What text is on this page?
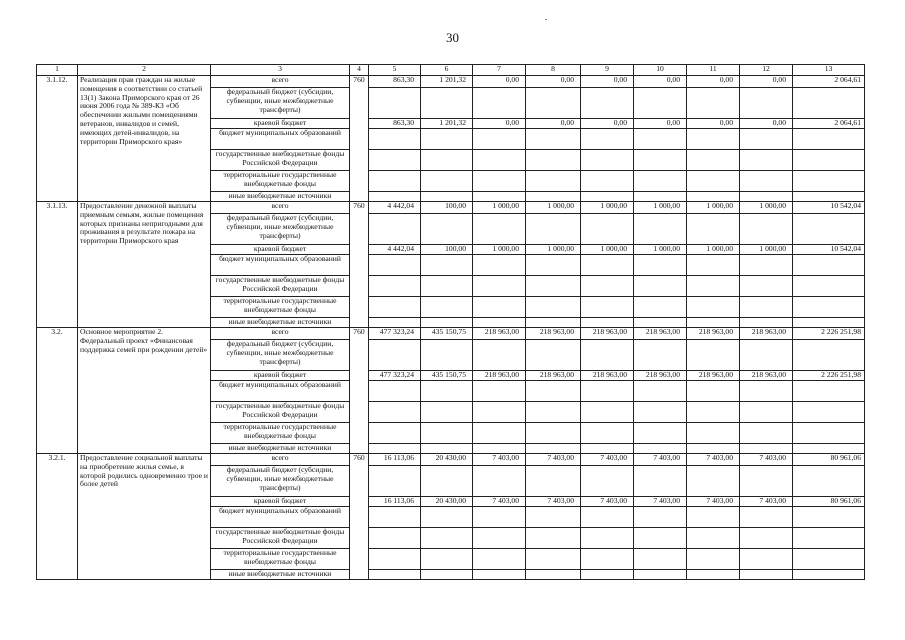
30
1	2	3	4	5	6	7	8	9	10	11	12	13
3.1.12.	Реализация прав граждан на жилые помещения в соответствии со статьей 13(1) Закона Приморского края от 26 июня 2006 года № 389-КЗ «Об обеспечении жилыми помещениями ветеранов, инвалидов и семей, имеющих детей-инвалидов, на территории Приморского края»	всего	760	863,30	1 201,32	0,00	0,00	0,00	0,00	0,00	0,00	2 064,61
		федеральный бюджет (субсидии, субвенции, иные межбюджетные трансферты)										
		краевой бюджет		863,30	1 201,32	0,00	0,00	0,00	0,00	0,00	0,00	2 064,61
		бюджет муниципальных образований										
		государственные внебюджетные фонды Российской Федерации										
		территориальные государственные внебюджетные фонды										
		иные внебюджетные источники										
3.1.13.	Предоставление денежной выплаты приемным семьям, жилые помещения которых признаны непригодными для проживания в результате пожара на территории Приморского края	всего	760	4 442,04	100,00	1 000,00	1 000,00	1 000,00	1 000,00	1 000,00	1 000,00	10 542,04
		федеральный бюджет (субсидии, субвенции, иные межбюджетные трансферты)										
		краевой бюджет		4 442,04	100,00	1 000,00	1 000,00	1 000,00	1 000,00	1 000,00	1 000,00	10 542,04
		бюджет муниципальных образований										
		государственные внебюджетные фонды Российской Федерации										
		территориальные государственные внебюджетные фонды										
		иные внебюджетные источники										
3.2.	Основное мероприятие 2. Федеральный проект «Финансовая поддержка семей при рождении детей»	всего	760	477 323,24	435 150,75	218 963,00	218 963,00	218 963,00	218 963,00	218 963,00	218 963,00	2 226 251,98
		федеральный бюджет (субсидии, субвенции, иные межбюджетные трансферты)										
		краевой бюджет		477 323,24	435 150,75	218 963,00	218 963,00	218 963,00	218 963,00	218 963,00	218 963,00	2 226 251,98
		бюджет муниципальных образований										
		государственные внебюджетные фонды Российской Федерации										
		территориальные государственные внебюджетные фонды										
		иные внебюджетные источники										
3.2.1.	Предоставление социальной выплаты на приобретение жилья семье, в которой родились одновременно трое и более детей	всего	760	16 113,06	20 430,00	7 403,00	7 403,00	7 403,00	7 403,00	7 403,00	7 403,00	80 961,06
		федеральный бюджет (субсидии, субвенции, иные межбюджетные трансферты)										
		краевой бюджет		16 113,06	20 430,00	7 403,00	7 403,00	7 403,00	7 403,00	7 403,00	7 403,00	80 961,06
		бюджет муниципальных образований										
		государственные внебюджетные фонды Российской Федерации										
		территориальные государственные внебюджетные фонды										
		иные внебюджетные источники										
